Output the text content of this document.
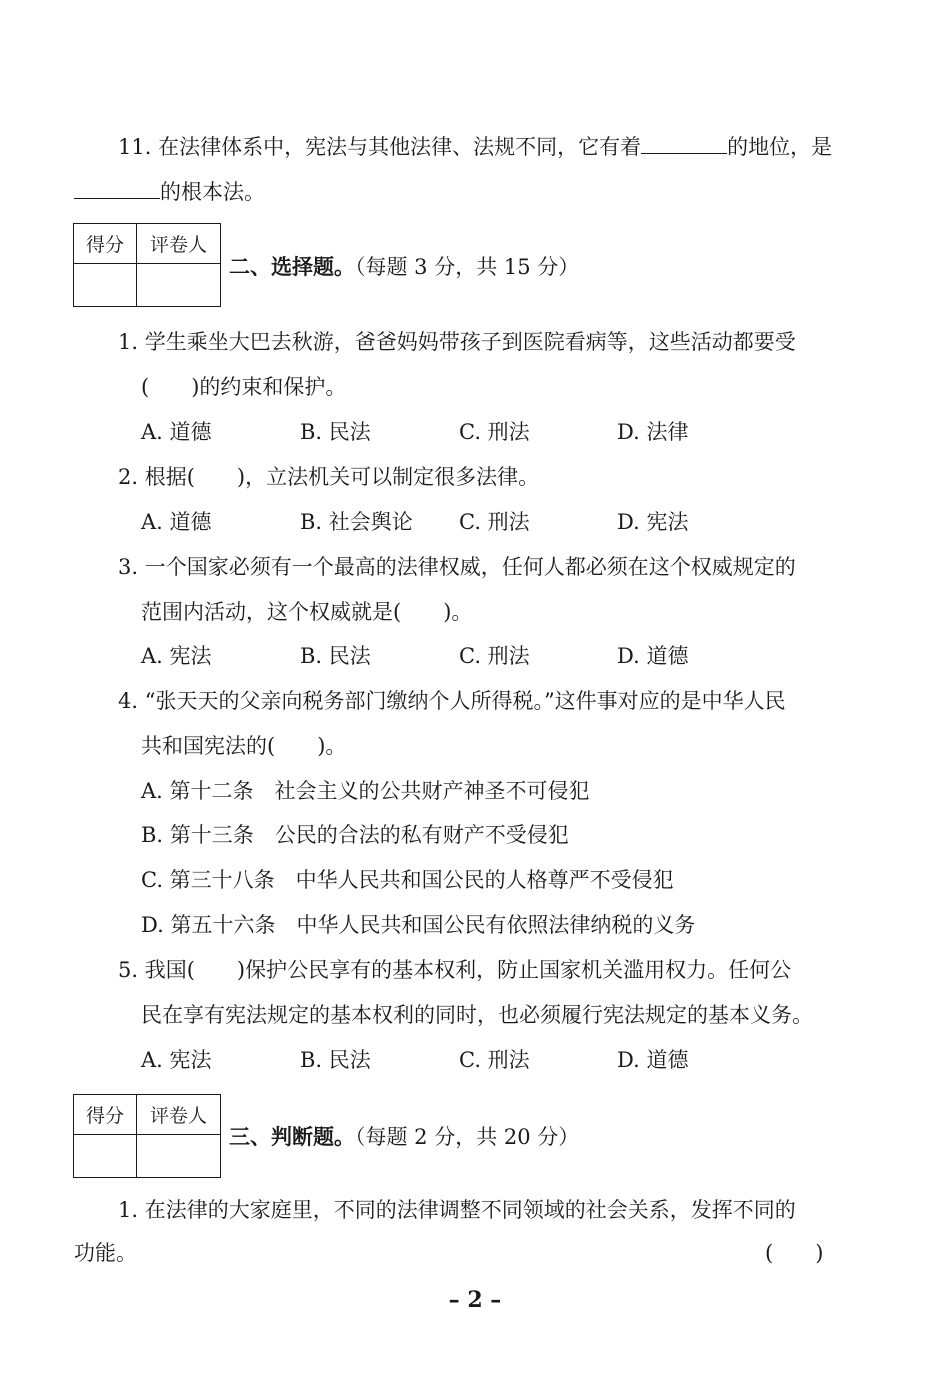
11. 在法律体系中，宪法与其他法律、法规不同，它有着	的地位，是
的根本法。
得分	评卷人

二、选择题。（每题 3 分，共 15 分）
1. 学生乘坐大巴去秋游，爸爸妈妈带孩子到医院看病等，这些活动都要受
(　　)的约束和保护。
A. 道德	B. 民法	C. 刑法	D. 法律
2. 根据(　　)，立法机关可以制定很多法律。
A. 道德	B. 社会舆论 C. 刑法	D. 宪法
3. 一个国家必须有一个最高的法律权威，任何人都必须在这个权威规定的
范围内活动，这个权威就是(　　)。
A. 宪法	B. 民法	C. 刑法	D. 道德
4. “张天天的父亲向税务部门缴纳个人所得税。”这件事对应的是中华人民
共和国宪法的(　　)。
A. 第十二条　社会主义的公共财产神圣不可侵犯
B. 第十三条　公民的合法的私有财产不受侵犯
C. 第三十八条　中华人民共和国公民的人格尊严不受侵犯
D. 第五十六条　中华人民共和国公民有依照法律纳税的义务
5. 我国(　　)保护公民享有的基本权利，防止国家机关滥用权力。任何公
民在享有宪法规定的基本权利的同时，也必须履行宪法规定的基本义务。
A. 宪法	B. 民法	C. 刑法	D. 道德
得分	评卷人

三、判断题。（每题 2 分，共 20 分）
1. 在法律的大家庭里，不同的法律调整不同领域的社会关系，发挥不同的
功能。	(　　)
– 2 –
